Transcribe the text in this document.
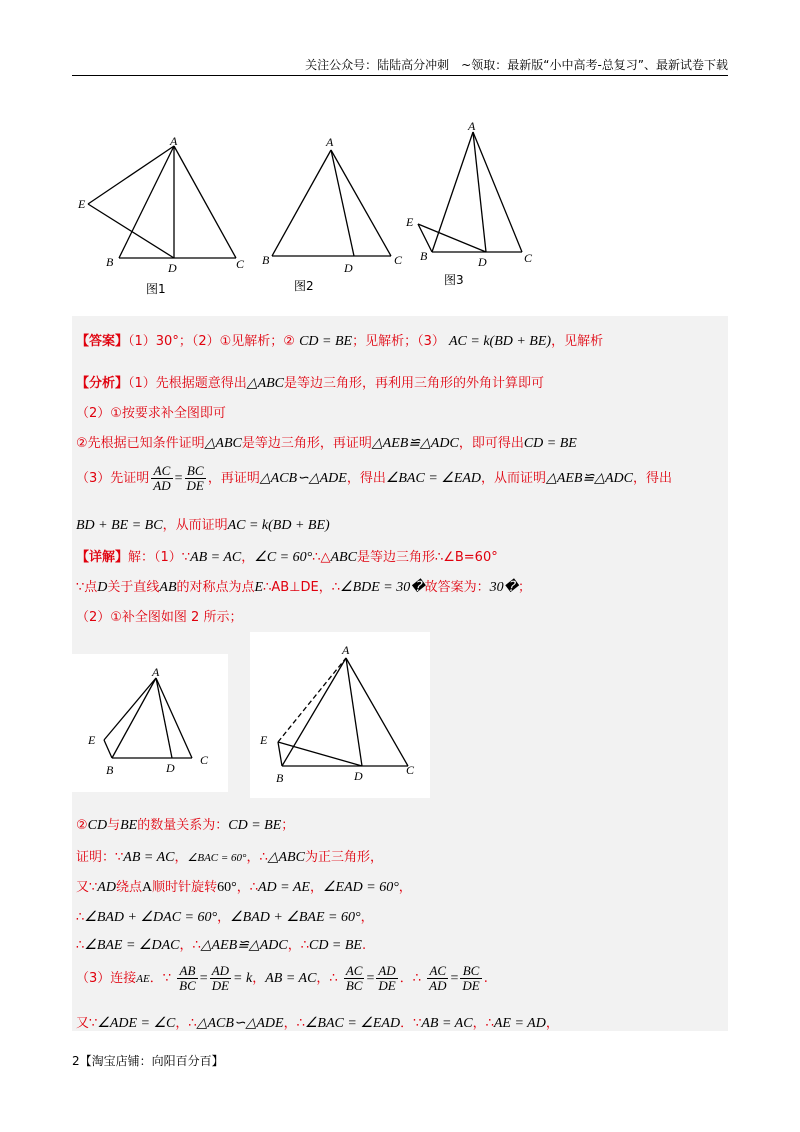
关注公众号：陆陆高分冲刺　~领取：最新版“小中高考-总复习”、最新试卷下载
A
E
B	D	C
图1
A
B
D
C
图2
A
E
B	D	C
图3
【答案】（1）30°；（2）①见解析；② CD = BE；见解析；（3） AC = k(BD + BE)，见解析
【分析】（1）先根据题意得出△ABC是等边三角形，再利用三角形的外角计算即可
（2）①按要求补全图即可
②先根据已知条件证明△ABC是等边三角形，再证明△AEB≌△ADC，即可得出CD = BE
（3）先证明 $\frac{AC}{AD} = \frac{BC}{DE}$ ，再证明△ACB∽△ADE，得出∠BAC = ∠EAD，从而证明△AEB≌△ADC，得出
BD + BE = BC，从而证明AC = k(BD + BE)
【详解】解：（1）∵AB = AC，∠C = 60°∴△ABC是等边三角形∴∠B=60°
∵点D关于直线AB的对称点为点E∴AB⊥DE，∴∠BDE = 30�故答案为：30�；
（2）①补全图如图 2 所示；
A
E
B	D
C
A
E
B	D	C
②CD与BE的数量关系为：CD = BE；
证明：∵AB = AC，∠BAC = 60°，∴△ABC为正三角形，
又∵AD绕点A顺时针旋转60°，∴AD = AE，∠EAD = 60°，
∴∠BAD + ∠DAC = 60°，∠BAD + ∠BAE = 60°，
∴∠BAE = ∠DAC，∴△AEB≌△ADC，∴CD = BE.
（3）连接AE．∵ $\frac{AB}{BC} = \frac{AD}{DE} = k$，AB = AC，∴ $\frac{AC}{BC} = \frac{AD}{DE}$ ．∴ $\frac{AC}{AD} = \frac{BC}{DE}$ .
又∵∠ADE = ∠C，∴△ACB∽△ADE，∴∠BAC = ∠EAD．∵AB = AC，∴AE = AD，
2【淘宝店铺：向阳百分百】
